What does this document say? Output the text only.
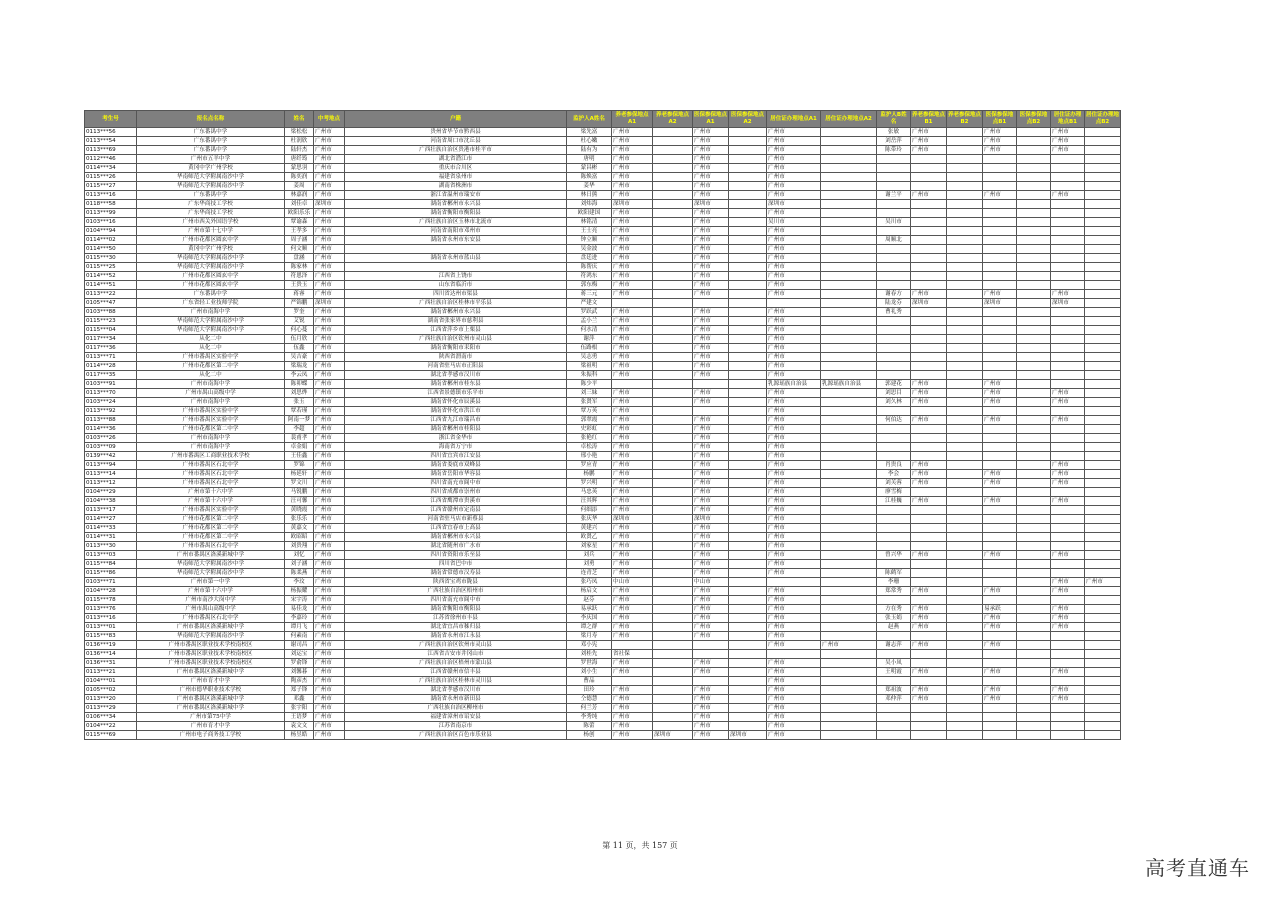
考生号	报名点名称	姓名	中考地点	户籍	监护人A姓名	养老参保地点A1	养老参保地点A2	医保参保地点A1	医保参保地点A2	居住证办理地点A1	居住证办理地点A2	监护人B姓名	养老参保地点B1	养老参保地点B2	医保参保地点B1	医保参保地点B2	居住证办理地点B1	居住证办理地点B2
0113***56	广东番禺中学	梁松松	广州市	贵州省毕节市黔西县	梁先富	广州市		广州市		广州市		张敏	广州市		广州市		广州市	
0113***54	广东番禺中学	杜润欣	广州市	河南省周口市沈丘县	杜心嫩	广州市		广州市		广州市		刘岳萍	广州市		广州市		广州市	
0113***69	广东番禺中学	陆轩杰	广州市	广西壮族自治区贵港市桂平市	陆有为	广州市		广州市		广州市		陈带玲	广州市		广州市		广州市	
0112***46	广州市五羊中学	唐纤筠	广州市	湖北省潜江市	唐明	广州市		广州市		广州市								
0114***34	黄冈中学广州学校	蒙思羽	广州市	重庆市合川区	蒙昌彬	广州市		广州市		广州市								
0115***26	华南师范大学附属南沙中学	陈奕润	广州市	福建省泉州市	陈焕富	广州市		广州市		广州市								
0115***27	华南师范大学附属南沙中学	姜周	广州市	湖南省株洲市	姜华	广州市		广州市		广州市								
0113***16	广东番禺中学	林嘉润	广州市	浙江省温州市瑞安市	林日熊	广州市		广州市		广州市		谢兰平	广州市		广州市		广州市	
0118***58	广东华商技工学校	刘佳卓	深圳市	湖南省郴州市永兴县	刘炜海	深圳市		深圳市		深圳市								
0113***99	广东华商技工学校	欧阳乐乐	广州市	湖南省衡阳市衡阳县	欧阳建国	广州市		广州市		广州市								
0103***16	广州市西关外国语学校	覃谕森	广州市	广西壮族自治区玉林市北流市	林铭清	广州市		广州市		吴川市		吴川市						
0104***94	广州市第十七中学	王孝多	广州市	河南省南阳市邓州市	王士亮	广州市		广州市		广州市								
0114***02	广州市花都区圆玄中学	周子涵	广州市	湖南省永州市东安县	钟立顺	广州市		广州市		广州市		周顺北						
0114***50	黄冈中学广州学校	何文顺	广州市		吴金波	广州市		广州市		广州市								
0115***30	华南师范大学附属南沙中学	盘涵	广州市	湖南省永州市蓝山县	盘廷进	广州市		广州市		广州市								
0115***25	华南师范大学附属南沙中学	陈家林	广州市		陈帮庆	广州市		广州市		广州市								
0114***52	广州市花都区圆玄中学	符恩泽	广州市	江西省上饶市	符鸿东	广州市		广州市		广州市								
0114***51	广州市花都区圆玄中学	王贵玉	广州市	山东省临沂市	郭东梅	广州市		广州市		广州市								
0113***22	广东番禺中学	蒋睿	广州市	四川省达州市渠县	蒋三元	广州市		广州市		广州市		谢春方	广州市		广州市		广州市	
0105***47	广东省轻工业技师学院	严锦鹏	深圳市	广西壮族自治区桂林市平乐县	严建文							陆龙芬	深圳市		深圳市		深圳市	
0103***88	广州市南海中学	罗奎	广州市	湖南省郴州市永兴县	罗跃武	广州市		广州市		广州市		曹礼秀						
0115***23	华南师范大学附属南沙中学	艾锐	广州市	湖南省张家界市慈利县	孟小兰	广州市		广州市		广州市								
0115***04	华南师范大学附属南沙中学	何心蔓	广州市	江西省萍乡市上栗县	何水清	广州市		广州市		广州市								
0117***34	从化二中	伍月欣	广州市	广西壮族自治区钦州市灵山县	谢萍	广州市		广州市		广州市								
0117***36	从化二中	伍鑫	广州市	湖南省衡阳市耒阳市	伍路根	广州市		广州市		广州市								
0113***71	广州市番禺区实验中学	吴吉豪	广州市	陕西省渭南市	吴志勇	广州市		广州市		广州市								
0114***28	广州市花都区第二中学	梁瑞龙	广州市	河南省驻马店市正阳县	梁祖明	广州市		广州市		广州市								
0117***35	从化二中	李云凤	广州市	湖北省孝感市汉川市	朱振科	广州市		广州市		广州市								
0103***91	广州市南海中学	陈卯蝶	广州市	湖南省郴州市桂东县	陈少平					乳源瑶族自治县	乳源瑶族自治县	郭建花	广州市		广州市			
0113***70	广州市禺山高级中学	刘思烨	广州市	江西省景德镇市乐平市	刘三妹	广州市		广州市		广州市		刘思目	广州市		广州市		广州市	
0103***24	广州市南海中学	张玉	广州市	湖南省怀化市辰溪县	张贤军	广州市		广州市		广州市		刘久林	广州市		广州市		广州市	
0113***92	广州市番禺区实验中学	覃若瑾	广州市	湖南省怀化市洪江市	覃万英	广州市				广州市								
0113***88	广州市番禺区实验中学	阿南一梦	广州市	江西省九江市瑞昌市	郭翠霞	广州市		广州市		广州市		何伯达	广州市		广州市		广州市	
0114***36	广州市花都区第二中学	李超	广州市	湖南省郴州市桂阳县	史彩虹	广州市		广州市		广州市								
0103***26	广州市南海中学	裴甫孝	广州市	浙江省金华市	张艳红	广州市		广州市		广州市								
0103***09	广州市南海中学	卓金娟	广州市	海南省万宁市	卓松涛	广州市		广州市		广州市								
0139***42	广州市番禺区工商职业技术学校	王佳鑫	广州市	四川省宜宾市江安县	邢小艳	广州市		广州市		广州市								
0113***94	广州市番禺区石北中学	罗锦	广州市	湖南省娄底市双峰县	罗应青	广州市		广州市		广州市		肖贵良	广州市				广州市	
0113***14	广州市番禺区石北中学	杨延轩	广州市	湖南省岳阳市华容县	杨鹏	广州市		广州市		广州市		李会	广州市		广州市		广州市	
0113***12	广州市番禺区石北中学	罗文川	广州市	四川省南充市阆中市	罗兴明	广州市		广州市		广州市		刘芙蓉	广州市		广州市		广州市	
0104***29	广州市第十六中学	马锐鹏	广州市	四川省成都市崇州市	马忠英	广州市		广州市		广州市		廖雪梅						
0104***38	广州市第十六中学	汪可馨	广州市	江西省鹰潭市贵溪市	汪其辉	广州市		广州市		广州市		江桂巍	广州市		广州市		广州市	
0113***17	广州市番禺区实验中学	黄晓霞	广州市	江西省赣州市定南县	何细添	广州市		广州市		广州市								
0114***27	广州市花都区第二中学	张乐乐	广州市	河南省驻马店市新蔡县	张庆华	深圳市		深圳市		广州市								
0114***33	广州市花都区第二中学	黄嘉文	广州市	江西省宜春市上高县	黄建兴	广州市		广州市		广州市								
0114***31	广州市花都区第二中学	欧昭昭	广州市	湖南省郴州市永兴县	欧贤乙	广州市		广州市		广州市								
0113***30	广州市番禺区石北中学	刘贵翔	广州市	湖北省随州市广水市	刘家星	广州市		广州市		广州市								
0113***03	广州市番禺区洛溪新城中学	刘忆	广州市	四川省资阳市乐至县	刘兵	广州市		广州市		广州市		曾兴华	广州市		广州市		广州市	
0115***84	华南师范大学附属南沙中学	刘子涵	广州市	四川省巴中市	刘勇	广州市		广州市		广州市								
0115***86	华南师范大学附属南沙中学	陈柔燕	广州市	湖南省常德市汉寿县	连青芝	广州市		广州市		广州市		陈鹤军						
0103***71	广州市第一中学	李玟	广州市	陕西省宝鸡市陇县	张巧凤	中山市		中山市				李珊					广州市	广州市
0104***28	广州市第十六中学	杨振耀	广州市	广西壮族自治区梧州市	杨启文	广州市		广州市		广州市		郑常秀	广州市		广州市		广州市	
0115***78	广州市南沙大岗中学	宋宇涛	广州市	四川省南充市阆中市	赵芬	广州市		广州市		广州市								
0113***76	广州市禺山高级中学	易佳龙	广州市	湖南省衡阳市衡阳县	易承跃	广州市		广州市		广州市		方在秀	广州市		易承跃		广州市	
0113***16	广州市番禺区石北中学	李嘉玲	广州市	江苏省徐州市丰县	李庆国	广州市		广州市		广州市		张玉娟	广州市		广州市		广州市	
0113***01	广州市番禺区洛溪新城中学	谭月飞	广州市	湖北省宜昌市秭归县	谭之群	广州市		广州市		广州市		赵燕	广州市		广州市		广州市	
0115***83	华南师范大学附属南沙中学	何素南	广州市	湖南省永州市江永县	梁月寿	广州市		广州市		广州市								
0136***19	广州市番禺区职业技术学校南校区	谢司昌	广州市	广西壮族自治区钦州市灵山县	邓小宪					广州市	广州市	谢志萍	广州市		广州市			
0136***14	广州市番禺区职业技术学校南校区	刘运宝	广州市	江西省吉安市井冈山市	刘桂先	省社保												
0136***31	广州市番禺区职业技术学校南校区	罗俞锋	广州市	广西壮族自治区梧州市蒙山县	罗世海	广州市		广州市		广州市		吴小凤						
0113***21	广州市番禺区洛溪新城中学	刘馨暮	广州市	江西省赣州市信丰县	刘小生	广州市		广州市		广州市		王明霞	广州市		广州市		广州市	
0104***01	广州市育才中学	陶彦杰	广州市	广西壮族自治区桂林市灵川县	曹品					广州市								
0105***02	广州市德华职业技术学校	郑子锋	广州市	湖北省孝感市汉川市	田玲	广州市		广州市		广州市		郑祖波	广州市		广州市		广州市	
0113***20	广州市番禺区洛溪新城中学	邓鑫	广州市	湖南省永州市新田县	仝德慧	广州市		广州市		广州市		邓仲萍	广州市		广州市		广州市	
0113***29	广州市番禺区洛溪新城中学	张宇阳	广州市	广西壮族自治区柳州市	何兰芳	广州市		广州市		广州市								
0106***34	广州市第75中学	王语梦	广州市	福建省漳州市诏安县	李秀纯	广州市		广州市		广州市								
0104***22	广州市育才中学	袁文文	广州市	江苏省南京市	陈蕾	广州市		广州市		广州市								
0115***69	广州市电子商务技工学校	杨昱皓	广州市	广西壮族自治区百色市乐业县	杨创	广州市	深圳市	广州市	深圳市	广州市								
第 11 页，共 157 页
高考直通车
